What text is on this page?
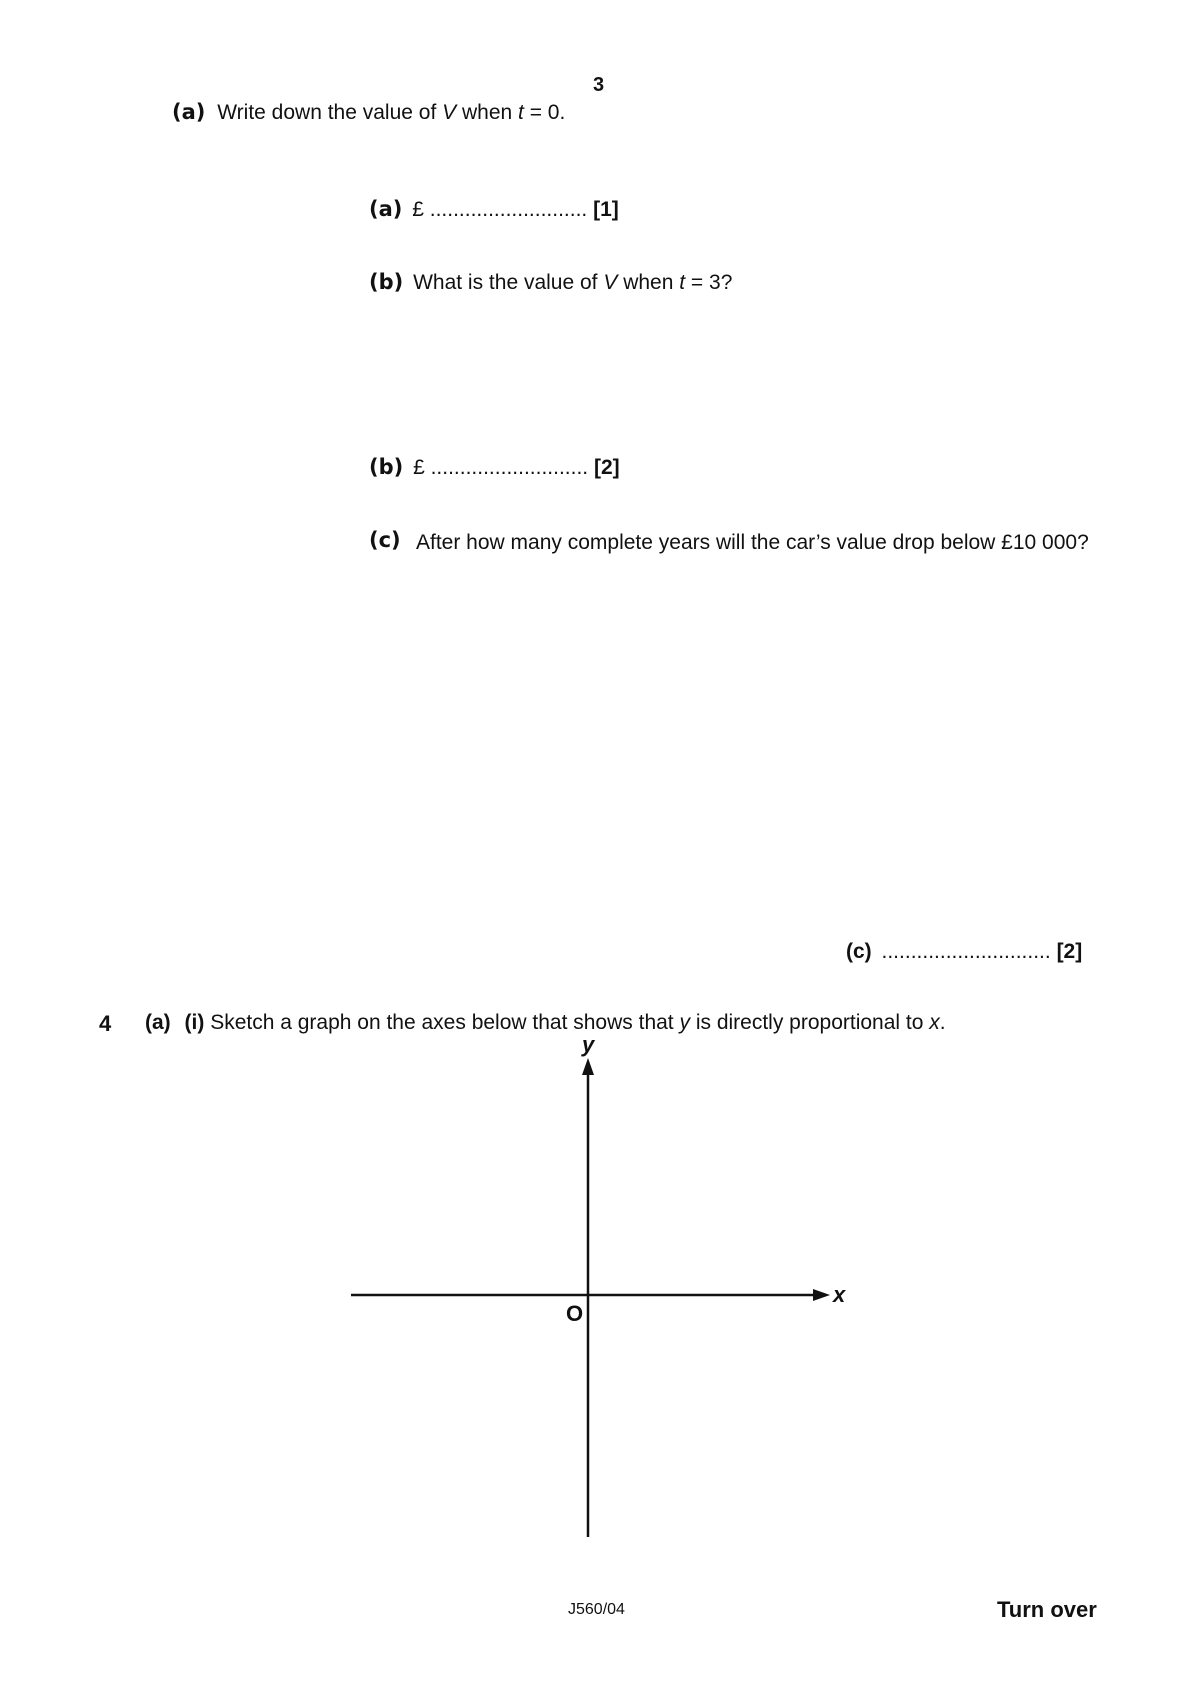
3
(a) Write down the value of V when t = 0.
(a) £ ........................... [1]
(b) What is the value of V when t = 3?
(b) £ ........................... [2]
(c) After how many complete years will the car’s value drop below £10 000?
(c) ............................. [2]
4 (a) (i) Sketch a graph on the axes below that shows that y is directly proportional to x.
y
x
O
J560/04	Turn over
